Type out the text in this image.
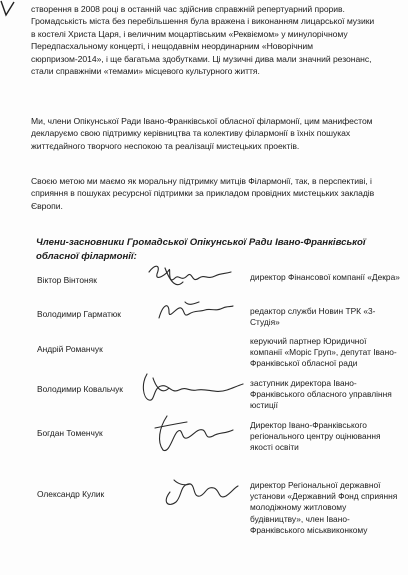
створення в 2008 році в останній час здійснив справжній репертуарний прорив. Громадськість міста без перебільшення була вражена і виконанням лицарської музики в костелі Христа Царя, і величним моцартівським «Реквіємом» у минулорічному Передпасхальному концерті, і нещодавнім неординарним «Новорічним сюрпризом-2014», і ще багатьма здобутками. Ці музичні дива мали значний резонанс, стали справжніми «темами» місцевого культурного життя.

Ми, члени Опікунської Ради Івано-Франківської обласної філармонії, цим манифестом декларуємо свою підтримку керівництва та колективу філармонії в їхніх пошуках життєдайного творчого неспокою та реалізації мистецьких проектів.

Своєю метою ми маємо як моральну підтримку митців Філармонії, так, в перспективі, і сприяння в пошуках ресурсної підтримки за прикладом провідних мистецьких закладів Європи.

Члени-засновники Громадської Опікунської Ради Івано-Франківської обласної філармонії:

Віктор Вінтоняк	директор Фінансової компанії «Декра»
Володимир Гарматюк	редактор служби Новин ТРК «3-Студія»
Андрій Романчук
керуючий партнер Юридичної компанії «Моріс Груп», депутат Івано-Франківської обласної ради
Володимир Ковальчук
заступник директора Івано-Франківського обласного управління юстиції
Богдан Томенчук
Директор Івано-Франківського регіонального центру оцінювання якості освіти
Олександр Кулик
директор Регіональної державної установи «Державний Фонд сприяння молодіжному житловому будівництву», член Івано-Франківського міськвиконкому
